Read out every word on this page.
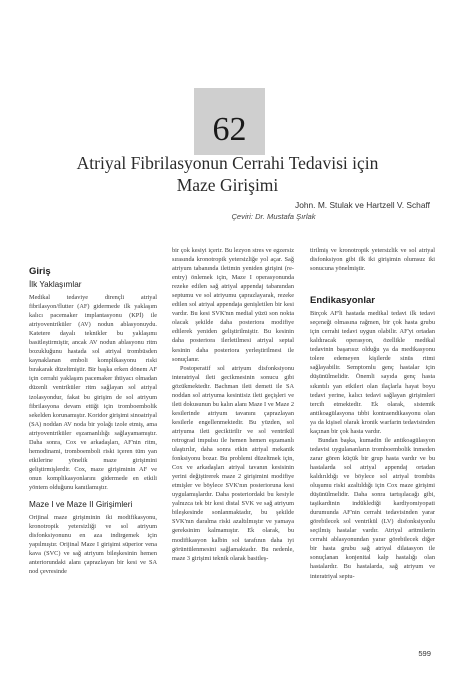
62
Atriyal Fibrilasyonun Cerrahi Tedavisi için
Maze Girişimi
John. M. Stulak ve Hartzell V. Schaff
Çeviri: Dr. Mustafa Şırlak
Giriş
İlk Yaklaşımlar

Medikal tedaviye dirençli atriyal fibrilasyon/flutter (AF) gidermede ilk yaklaşım kalıcı pacemaker implantasyonu (KPİ) ile atriyoventriküler (AV) nodun ablasyonuydu. Katetere dayalı teknikler bu yaklaşımı basitleştirmiştir, ancak AV nodun ablasyonu ritm bozukluğunu hastada sol atriyal trombüsden kaynaklanan emboli komplikasyonu riski bırakarak düzeltmiştir. Bir başka erken dönem AF için cerrahi yaklaşım pacemaker ihtiyacı olmadan düzenli ventriküler ritm sağlayan sol atriyal izolasyondur, fakat bu girişim de sol atriyum fibrilasyona devam ettiği için tromboembolik sekelden korunamıştır. Koridor girişimi sinoatriyal (SA) noddan AV noda bir yolağı izole etmiş, ama atriyoventriküler eşzamanlılığı sağlayamamıştır. Daha sonra, Cox ve arkadaşları, AF'nin ritm, hemodinami, tromboemboli riski içeren tüm yan etkilerine yönelik maze girişimini geliştirmişlerdir. Cox, maze girişiminin AF ve onun komplikasyonlarını gidermede en etkili yöntem olduğunu kanıtlamıştır.

Maze I ve Maze II Girişimleri

Orijinal maze girişiminin iki modifikasyonu, kronotropik yetersizliği ve sol atriyum disfonksiyonunu en aza indirgemek için yapılmıştır. Orijinal Maze I girişimi süperior vena kava (SVC) ve sağ atriyum bileşkesinin hemen anteriorundaki alanı çaprazlayan bir kesi ve SA nod çevresinde

bir çok kesiyi içerir. Bu lezyon stres ve egzersiz sırasında kronotropik yetersizliğe yol açar. Sağ atriyum tabanında iletimin yeniden girişini (re-entry) önlemek için, Maze I operasyonunda rezeke edilen sağ atriyal appendaj tabanından septumu ve sol atriyumu çaprazlayarak, rezeke edilen sol atriyal appendaja genişletilen bir kesi vardır. Bu kesi SVK'nın medial yüzü son nokta olacak şekilde daha posteriora modifiye edilerek yeniden geliştirilmiştir. Bu kesinin daha posteriora ilerletilmesi atriyal septal kesinin daha posteriora yerleştirilmesi ile sonuçlanır.

Postoperatif sol atriyum disfonksiyonu interatriyal ileti gecikmesinin sonucu gibi gözükmektedir. Bachman ileti demeti ile SA noddan sol atriyuma kesintisiz ileti geçişleri ve ileti dokusunun bu kalın alanı Maze I ve Maze 2 kesilerinde atriyum tavanını çaprazlayan kesilerle engellenmektedir. Bu yüzden, sol atriyuma ileti geciktirilir ve sol ventrikül retrograd impulsu ile hemen hemen eşzamanlı ulaştırılır, daha sonra etkin atriyal mekanik fonksiyonu bozar. Bu problemi düzeltmek için, Cox ve arkadaşları atriyal tavanın kesisinin yerini değiştirerek maze 2 girişimini modifiye etmişler ve böylece SVK'nın posterioruna kesi uygulamışlardır. Daha posteriordaki bu kesiyle yalnızca tek bir kesi distal SVK ve sağ atriyum bileşkesinde sonlanmaktadır, bu şekilde SVK'nın daralma riski azaltılmıştır ve yamaya gereksinim kalmamıştır. Ek olarak, bu modifikasyon kalbin sol tarafının daha iyi görüntülenmesini sağlamaktadır. Bu nedenle, maze 3 girişimi teknik olarak basitleş-

tirilmiş ve kronotropik yetersizlik ve sol atriyal disfonksiyon gibi ilk iki girişimin olumsuz iki sonucuna yönelmiştir.

Endikasyonlar

Birçok AF'li hastada medikal tedavi ilk tedavi seçeneği olmasına rağmen, bir çok hasta grubu için cerrahi tedavi uygun olabilir. AF'yi ortadan kaldıracak operasyon, özellikle medikal tedavinin başarısız olduğu ya da medikasyonu tolere edemeyen kişilerde sinüs ritmi sağlayabilir. Semptomlu genç hastalar için düşünülmelidir. Önemli sayıda genç hasta sıkıntılı yan etkileri olan ilaçlarla hayat boyu tedavi yerine, kalıcı tedavi sağlayan girişimleri tercih etmektedir. Ek olarak, sistemik antikoagülasyona tıbbi kontraendikasyonu olan ya da kişisel olarak kronik warfarin tedavisinden kaçınan bir çok hasta vardır.

Bundan başka, kumadin ile antikoagülasyon tedavisi uygulananların tromboembolik inmeden zarar gören küçük bir grup hasta vardır ve bu hastalarda sol atriyal appendaj ortadan kaldırıldığı ve böylece sol atriyal trombüs oluşumu riski azaltıldığı için Cox maze girişimi düşünülmelidir. Daha sonra tartışılacağı gibi, taşikardinin indüklediği kardiyomiyopati durumunda AF'nin cerrahi tedavisinden yarar görebilecek sol ventrikül (LV) disfonksiyonlu seçilmiş hastalar vardır. Atriyal aritmilerin cerrahi ablasyonundan yarar görebilecek diğer bir hasta grubu sağ atriyal dilatasyon ile sonuçlanan konjenital kalp hastalığı olan hastalardır. Bu hastalarda, sağ atriyum ve interatriyal septu-

599
